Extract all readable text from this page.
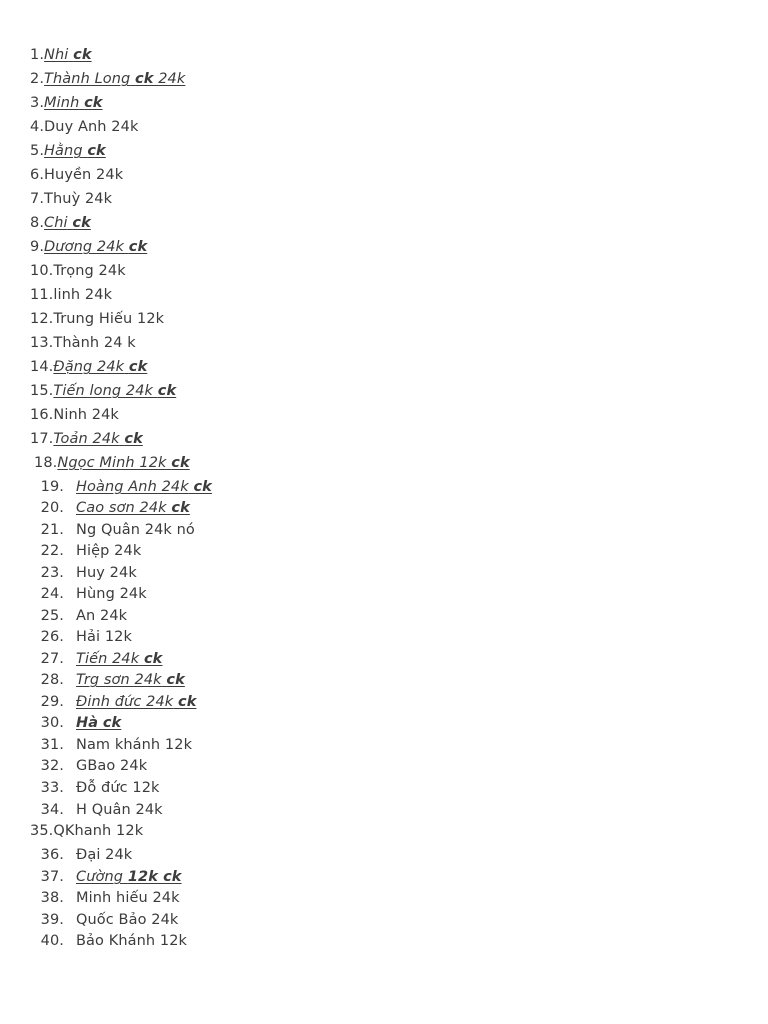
1.Nhi ck
2.Thành Long ck 24k
3.Minh ck
4.Duy Anh 24k
5.Hằng ck
6.Huyền 24k
7.Thuỳ 24k
8.Chi ck
9.Dương 24k ck
10.Trọng 24k
11.linh 24k
12.Trung Hiếu 12k
13.Thành 24 k
14.Đặng 24k ck
15.Tiến long 24k ck
16.Ninh 24k
17.Toản 24k ck
18.Ngọc Minh 12k ck
19. Hoàng Anh 24k ck
20. Cao sơn 24k ck
21. Ng Quân 24k nó
22. Hiệp 24k
23. Huy 24k
24. Hùng 24k
25. An 24k
26. Hải 12k
27. Tiến 24k ck
28. Trg sơn 24k ck
29. Đinh đức 24k ck
30. Hà ck
31. Nam khánh 12k
32. GBao 24k
33. Đỗ đức 12k
34. H Quân 24k
35.QKhanh 12k
36. Đại 24k
37. Cường 12k ck
38. Minh hiếu 24k
39. Quốc Bảo 24k
40. Bảo Khánh 12k
